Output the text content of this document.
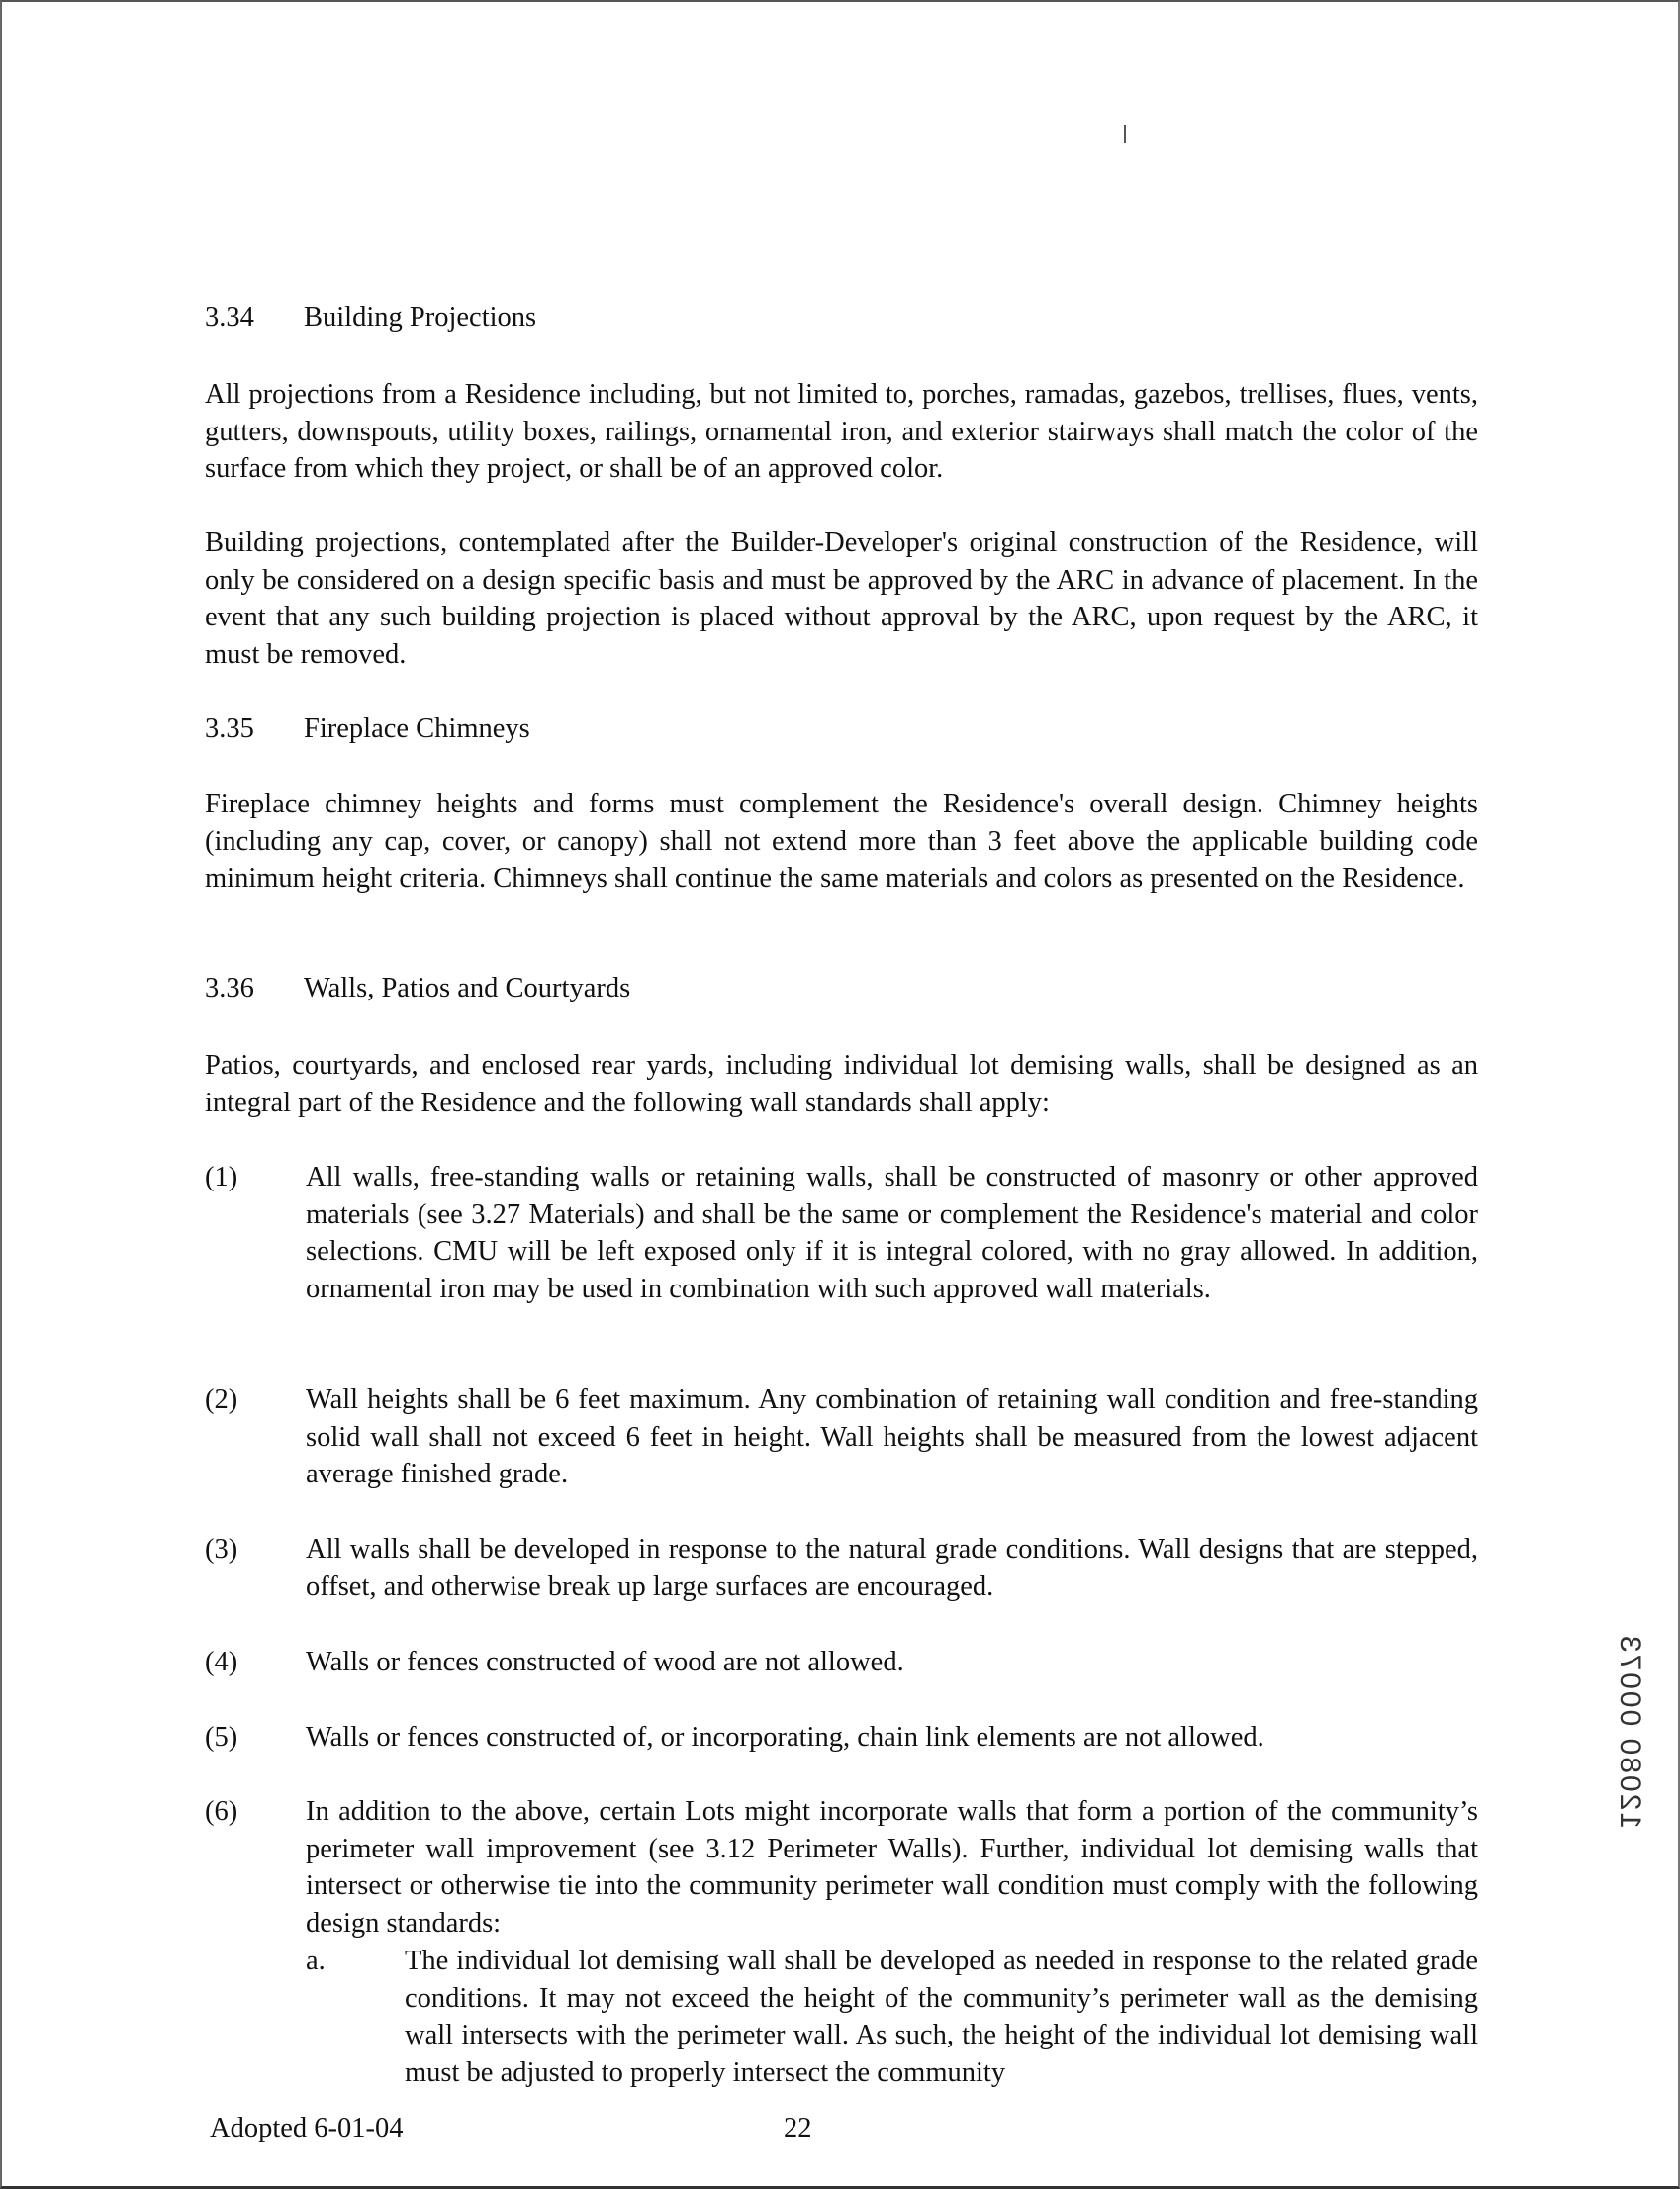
3.34 Building Projections
All projections from a Residence including, but not limited to, porches, ramadas, gazebos, trellises, flues, vents, gutters, downspouts, utility boxes, railings, ornamental iron, and exterior stairways shall match the color of the surface from which they project, or shall be of an approved color.
Building projections, contemplated after the Builder-Developer's original construction of the Residence, will only be considered on a design specific basis and must be approved by the ARC in advance of placement. In the event that any such building projection is placed without approval by the ARC, upon request by the ARC, it must be removed.
3.35 Fireplace Chimneys
Fireplace chimney heights and forms must complement the Residence's overall design. Chimney heights (including any cap, cover, or canopy) shall not extend more than 3 feet above the applicable building code minimum height criteria. Chimneys shall continue the same materials and colors as presented on the Residence.
3.36 Walls, Patios and Courtyards
Patios, courtyards, and enclosed rear yards, including individual lot demising walls, shall be designed as an integral part of the Residence and the following wall standards shall apply:
(1) All walls, free-standing walls or retaining walls, shall be constructed of masonry or other approved materials (see 3.27 Materials) and shall be the same or complement the Residence's material and color selections. CMU will be left exposed only if it is integral colored, with no gray allowed. In addition, ornamental iron may be used in combination with such approved wall materials.
(2) Wall heights shall be 6 feet maximum. Any combination of retaining wall condition and free-standing solid wall shall not exceed 6 feet in height. Wall heights shall be measured from the lowest adjacent average finished grade.
(3) All walls shall be developed in response to the natural grade conditions. Wall designs that are stepped, offset, and otherwise break up large surfaces are encouraged.
(4) Walls or fences constructed of wood are not allowed.
(5) Walls or fences constructed of, or incorporating, chain link elements are not allowed.
(6) In addition to the above, certain Lots might incorporate walls that form a portion of the community’s perimeter wall improvement (see 3.12 Perimeter Walls). Further, individual lot demising walls that intersect or otherwise tie into the community perimeter wall condition must comply with the following design standards:
a.	The individual lot demising wall shall be developed as needed in response to the related grade conditions. It may not exceed the height of the community’s perimeter wall as the demising wall intersects with the perimeter wall. As such, the height of the individual lot demising wall must be adjusted to properly intersect the community
12080 00073
Adopted 6-01-04	22
